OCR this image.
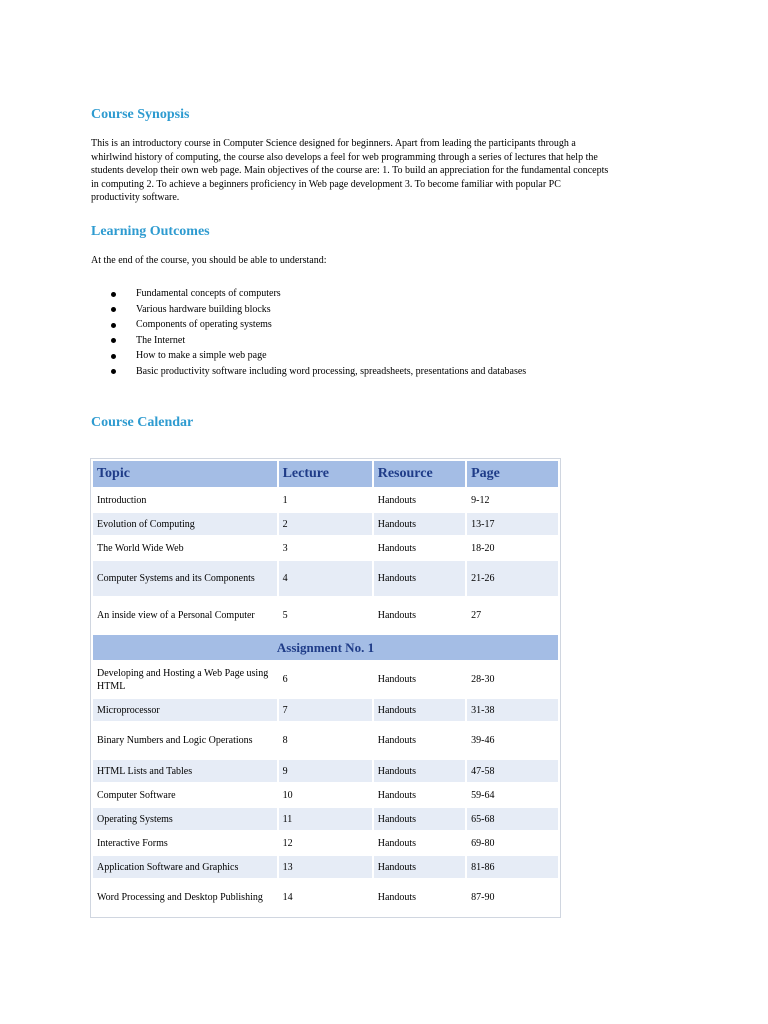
Course Synopsis
This is an introductory course in Computer Science designed for beginners. Apart from leading the participants through a
whirlwind history of computing, the course also develops a feel for web programming through a series of lectures that help the
students develop their own web page. Main objectives of the course are: 1. To build an appreciation for the fundamental concepts
in computing 2. To achieve a beginners proficiency in Web page development 3. To become familiar with popular PC
productivity software.
Learning Outcomes
At the end of the course, you should be able to understand:
Fundamental concepts of computers
Various hardware building blocks
Components of operating systems
The Internet
How to make a simple web page
Basic productivity software including word processing, spreadsheets, presentations and databases
Course Calendar
Topic	Lecture	Resource	Page
Introduction	1	Handouts	9-12
Evolution of Computing	2	Handouts	13-17
The World Wide Web	3	Handouts	18-20
Computer Systems and its Components	4	Handouts	21-26
An inside view of a Personal Computer	5	Handouts	27
Assignment No. 1			
Developing and Hosting a Web Page using HTML	6	Handouts	28-30
Microprocessor	7	Handouts	31-38
Binary Numbers and Logic Operations	8	Handouts	39-46
HTML Lists and Tables	9	Handouts	47-58
Computer Software	10	Handouts	59-64
Operating Systems	11	Handouts	65-68
Interactive Forms	12	Handouts	69-80
Application Software and Graphics	13	Handouts	81-86
Word Processing and Desktop Publishing	14	Handouts	87-90
